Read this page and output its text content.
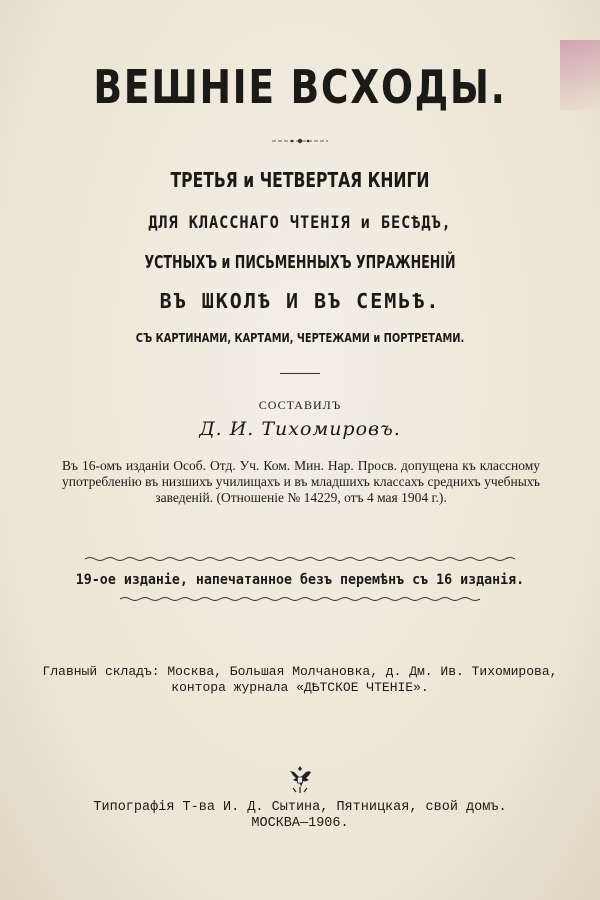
ВЕШНІЕ ВСХОДЫ.
ТРЕТЬЯ и ЧЕТВЕРТАЯ КНИГИ
ДЛЯ КЛАССНАГО ЧТЕНІЯ и БЕСѢДЪ,
УСТНЫХЪ и ПИСЬМЕННЫХЪ УПРАЖНЕНІЙ
ВЪ ШКОЛѢ И ВЪ СЕМЬѢ.
СЪ КАРТИНАМИ, КАРТАМИ, ЧЕРТЕЖАМИ и ПОРТРЕТАМИ.
СОСТАВИЛЪ
Д. И. Тихомировъ.
Въ 16-омъ изданіи Особ. Отд. Уч. Ком. Мин. Нар. Просв. допущена къ классному употребленію въ низшихъ училищахъ и въ младшихъ классахъ среднихъ учебныхъ заведеній. (Отношеніе № 14229, отъ 4 мая 1904 г.).
19-ое изданіе, напечатанное безъ перемѣнъ съ 16 изданія.
Главный складъ: Москва, Большая Молчановка, д. Дм. Ив. Тихомирова,
контора журнала «ДѢТСКОЕ ЧТЕНІЕ».
Типографія Т-ва И. Д. Сытина, Пятницкая, свой домъ.
МОСКВА—1906.
